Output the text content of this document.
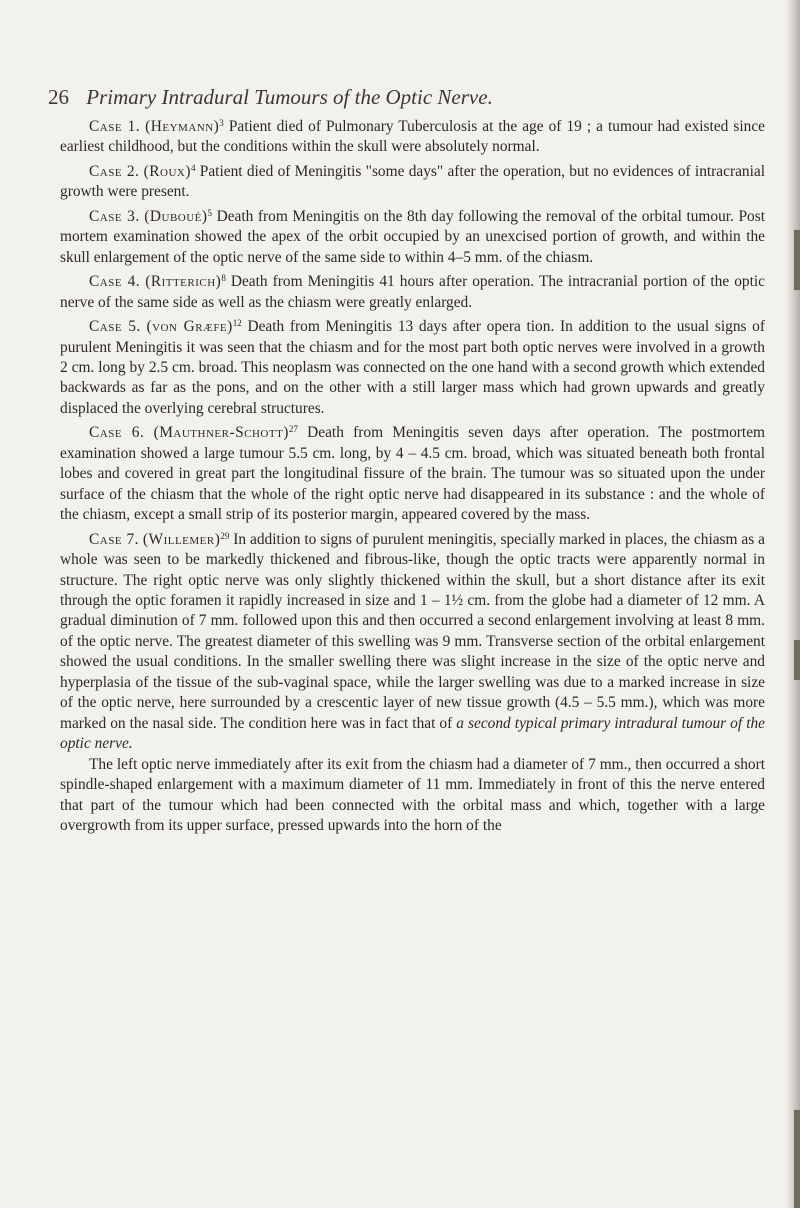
26 Primary Intradural Tumours of the Optic Nerve.

Case 1. (Heymann)$^3$ Patient died of Pulmonary Tuberculosis at the age of 19 ; a tumour had existed since earliest childhood, but the conditions within the skull were absolutely normal.

Case 2. (Roux)$^4$ Patient died of Meningitis "some days" after the operation, but no evidences of intracranial growth were present.

Case 3. (Duboué)$^5$ Death from Meningitis on the 8th day following the removal of the orbital tumour. Post mortem examination showed the apex of the orbit occupied by an unexcised portion of growth, and within the skull enlargement of the optic nerve of the same side to within 4–5 mm. of the chiasm.

Case 4. (Ritterich)$^8$ Death from Meningitis 41 hours after operation. The intracranial portion of the optic nerve of the same side as well as the chiasm were greatly enlarged.

Case 5. (von Græfe)$^{12}$ Death from Meningitis 13 days after opera tion. In addition to the usual signs of purulent Meningitis it was seen that the chiasm and for the most part both optic nerves were involved in a growth 2 cm. long by 2.5 cm. broad. This neoplasm was connected on the one hand with a second growth which extended backwards as far as the pons, and on the other with a still larger mass which had grown upwards and greatly displaced the overlying cerebral structures.

Case 6. (Mauthner-Schott)$^{27}$ Death from Meningitis seven days after operation. The postmortem examination showed a large tumour 5.5 cm. long, by 4 – 4.5 cm. broad, which was situated beneath both frontal lobes and covered in great part the longitudinal fissure of the brain. The tumour was so situated upon the under surface of the chiasm that the whole of the right optic nerve had disappeared in its substance : and the whole of the chiasm, except a small strip of its posterior margin, appeared covered by the mass.

Case 7. (Willemer)$^{29}$ In addition to signs of purulent meningitis, specially marked in places, the chiasm as a whole was seen to be markedly thickened and fibrous-like, though the optic tracts were apparently normal in structure. The right optic nerve was only slightly thickened within the skull, but a short distance after its exit through the optic foramen it rapidly increased in size and 1 – 1½ cm. from the globe had a diameter of 12 mm. A gradual diminution of 7 mm. followed upon this and then occurred a second enlargement involving at least 8 mm. of the optic nerve. The greatest diameter of this swelling was 9 mm. Transverse section of the orbital enlargement showed the usual conditions. In the smaller swelling there was slight increase in the size of the optic nerve and hyperplasia of the tissue of the sub-vaginal space, while the larger swelling was due to a marked increase in size of the optic nerve, here surrounded by a crescentic layer of new tissue growth (4.5 – 5.5 mm.), which was more marked on the nasal side. The condition here was in fact that of a second typical primary intradural tumour of the optic nerve.

The left optic nerve immediately after its exit from the chiasm had a diameter of 7 mm., then occurred a short spindle-shaped enlargement with a maximum diameter of 11 mm. Immediately in front of this the nerve entered that part of the tumour which had been connected with the orbital mass and which, together with a large overgrowth from its upper surface, pressed upwards into the horn of the
